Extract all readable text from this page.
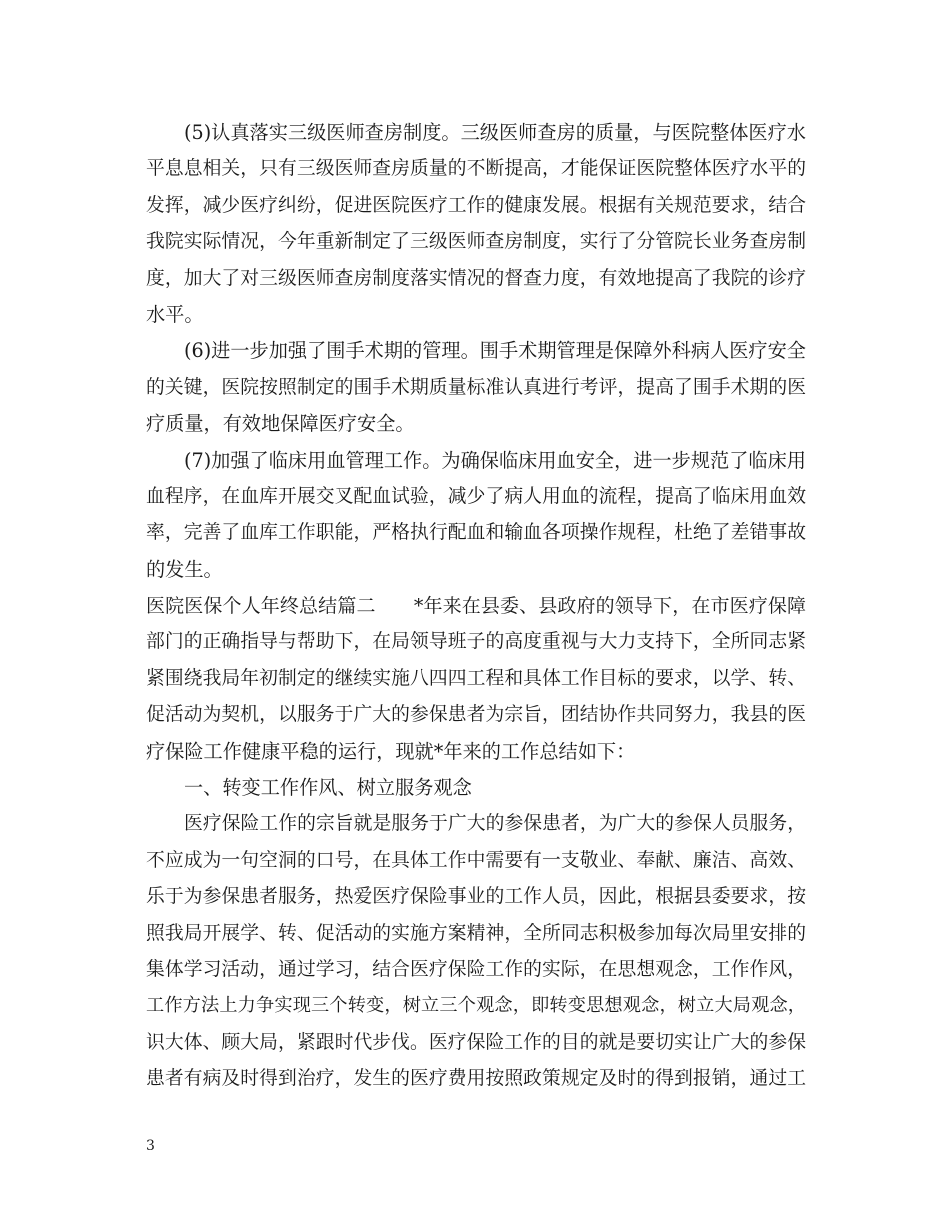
(5)认真落实三级医师查房制度。三级医师查房的质量，与医院整体医疗水
平息息相关，只有三级医师查房质量的不断提高，才能保证医院整体医疗水平的
发挥，减少医疗纠纷，促进医院医疗工作的健康发展。根据有关规范要求，结合
我院实际情况，今年重新制定了三级医师查房制度，实行了分管院长业务查房制
度，加大了对三级医师查房制度落实情况的督查力度，有效地提高了我院的诊疗
水平。
(6)进一步加强了围手术期的管理。围手术期管理是保障外科病人医疗安全
的关键，医院按照制定的围手术期质量标准认真进行考评，提高了围手术期的医
疗质量，有效地保障医疗安全。
(7)加强了临床用血管理工作。为确保临床用血安全，进一步规范了临床用
血程序，在血库开展交叉配血试验，减少了病人用血的流程，提高了临床用血效
率，完善了血库工作职能，严格执行配血和输血各项操作规程，杜绝了差错事故
的发生。
医院医保个人年终总结篇二　　*年来在县委、县政府的领导下，在市医疗保障
部门的正确指导与帮助下，在局领导班子的高度重视与大力支持下，全所同志紧
紧围绕我局年初制定的继续实施八四四工程和具体工作目标的要求，以学、转、
促活动为契机，以服务于广大的参保患者为宗旨，团结协作共同努力，我县的医
疗保险工作健康平稳的运行，现就*年来的工作总结如下：
一、转变工作作风、树立服务观念
医疗保险工作的宗旨就是服务于广大的参保患者，为广大的参保人员服务，
不应成为一句空洞的口号，在具体工作中需要有一支敬业、奉献、廉洁、高效、
乐于为参保患者服务，热爱医疗保险事业的工作人员，因此，根据县委要求，按
照我局开展学、转、促活动的实施方案精神，全所同志积极参加每次局里安排的
集体学习活动，通过学习，结合医疗保险工作的实际，在思想观念，工作作风，
工作方法上力争实现三个转变，树立三个观念，即转变思想观念，树立大局观念，
识大体、顾大局，紧跟时代步伐。医疗保险工作的目的就是要切实让广大的参保
患者有病及时得到治疗，发生的医疗费用按照政策规定及时的得到报销，通过工
3
